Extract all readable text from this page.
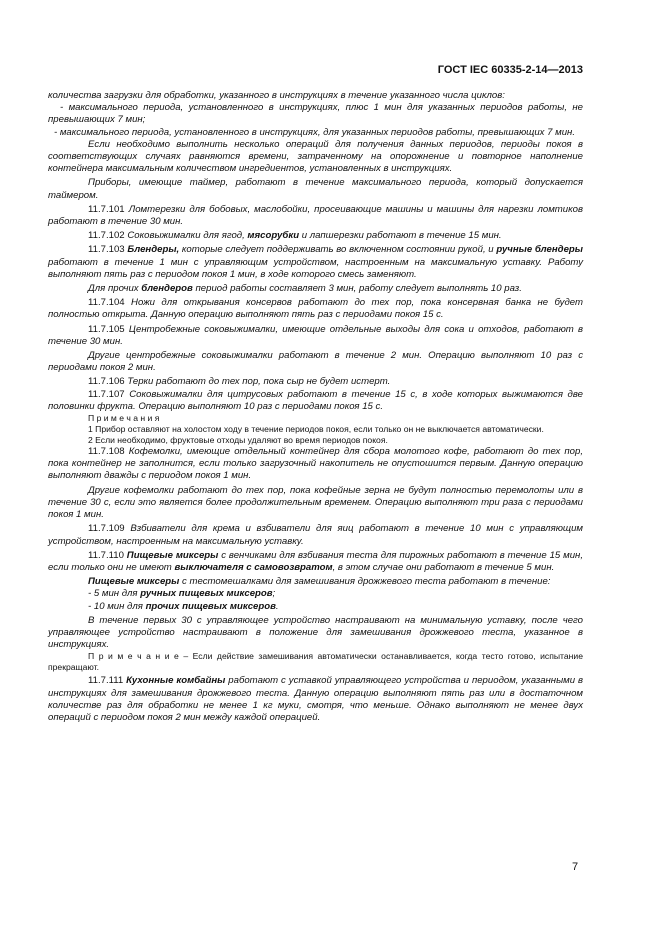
ГОСТ IEC 60335-2-14—2013

количества загрузки для обработки, указанного в инструкциях в течение указанного числа циклов:

- максимального периода, установленного в инструкциях, плюс 1 мин для указанных периодов работы, не превышающих 7 мин;

- максимального периода, установленного в инструкциях, для указанных периодов работы, превышающих 7 мин.

Если необходимо выполнить несколько операций для получения данных периодов, периоды покоя в соответствующих случаях равняются времени, затраченному на опорожнение и повторное наполнение контейнера максимальным количеством ингредиентов, установленных в инструкциях.

Приборы, имеющие таймер, работают в течение максимального периода, который допускается таймером.

11.7.101 Ломтерезки для бобовых, маслобойки, просеивающие машины и машины для нарезки ломтиков работают в течение 30 мин.

11.7.102 Соковыжималки для ягод, мясорубки и лапшерезки работают в течение 15 мин.

11.7.103 Блендеры, которые следует поддерживать во включенном состоянии рукой, и ручные блендеры работают в течение 1 мин с управляющим устройством, настроенным на максимальную уставку. Работу выполняют пять раз с периодом покоя 1 мин, в ходе которого смесь заменяют.

Для прочих блендеров период работы составляет 3 мин, работу следует выполнять 10 раз.

11.7.104 Ножи для открывания консервов работают до тех пор, пока консервная банка не будет полностью открыта. Данную операцию выполняют пять раз с периодами покоя 15 с.

11.7.105 Центробежные соковыжималки, имеющие отдельные выходы для сока и отходов, работают в течение 30 мин.

Другие центробежные соковыжималки работают в течение 2 мин. Операцию выполняют 10 раз с периодами покоя 2 мин.

11.7.106 Терки работают до тех пор, пока сыр не будет истерт.

11.7.107 Соковыжималки для цитрусовых работают в течение 15 с, в ходе которых выжимаются две половинки фрукта. Операцию выполняют 10 раз с периодами покоя 15 с.

П р и м е ч а н и я

1 Прибор оставляют на холостом ходу в течение периодов покоя, если только он не выключается автоматически.

2 Если необходимо, фруктовые отходы удаляют во время периодов покоя.

11.7.108 Кофемолки, имеющие отдельный контейнер для сбора молотого кофе, работают до тех пор, пока контейнер не заполнится, если только загрузочный накопитель не опустошится первым. Данную операцию выполняют дважды с периодом покоя 1 мин.

Другие кофемолки работают до тех пор, пока кофейные зерна не будут полностью перемолоты или в течение 30 с, если это является более продолжительным временем. Операцию выполняют три раза с периодами покоя 1 мин.

11.7.109 Взбиватели для крема и взбиватели для яиц работают в течение 10 мин с управляющим устройством, настроенным на максимальную уставку.

11.7.110 Пищевые миксеры с венчиками для взбивания теста для пирожных работают в течение 15 мин, если только они не имеют выключателя с самовозвратом, в этом случае они работают в течение 5 мин.

Пищевые миксеры с тестомешалками для замешивания дрожжевого теста работают в течение:

- 5 мин для ручных пищевых миксеров;

- 10 мин для прочих пищевых миксеров.

В течение первых 30 с управляющее устройство настраивают на минимальную уставку, после чего управляющее устройство настраивают в положение для замешивания дрожжевого теста, указанное в инструкциях.

П р и м е ч а н и е – Если действие замешивания автоматически останавливается, когда тесто готово, испытание прекращают.

11.7.111 Кухонные комбайны работают с уставкой управляющего устройства и периодом, указанными в инструкциях для замешивания дрожжевого теста. Данную операцию выполняют пять раз или в достаточном количестве раз для обработки не менее 1 кг муки, смотря, что меньше. Однако выполняют не менее двух операций с периодом покоя 2 мин между каждой операцией.

7
